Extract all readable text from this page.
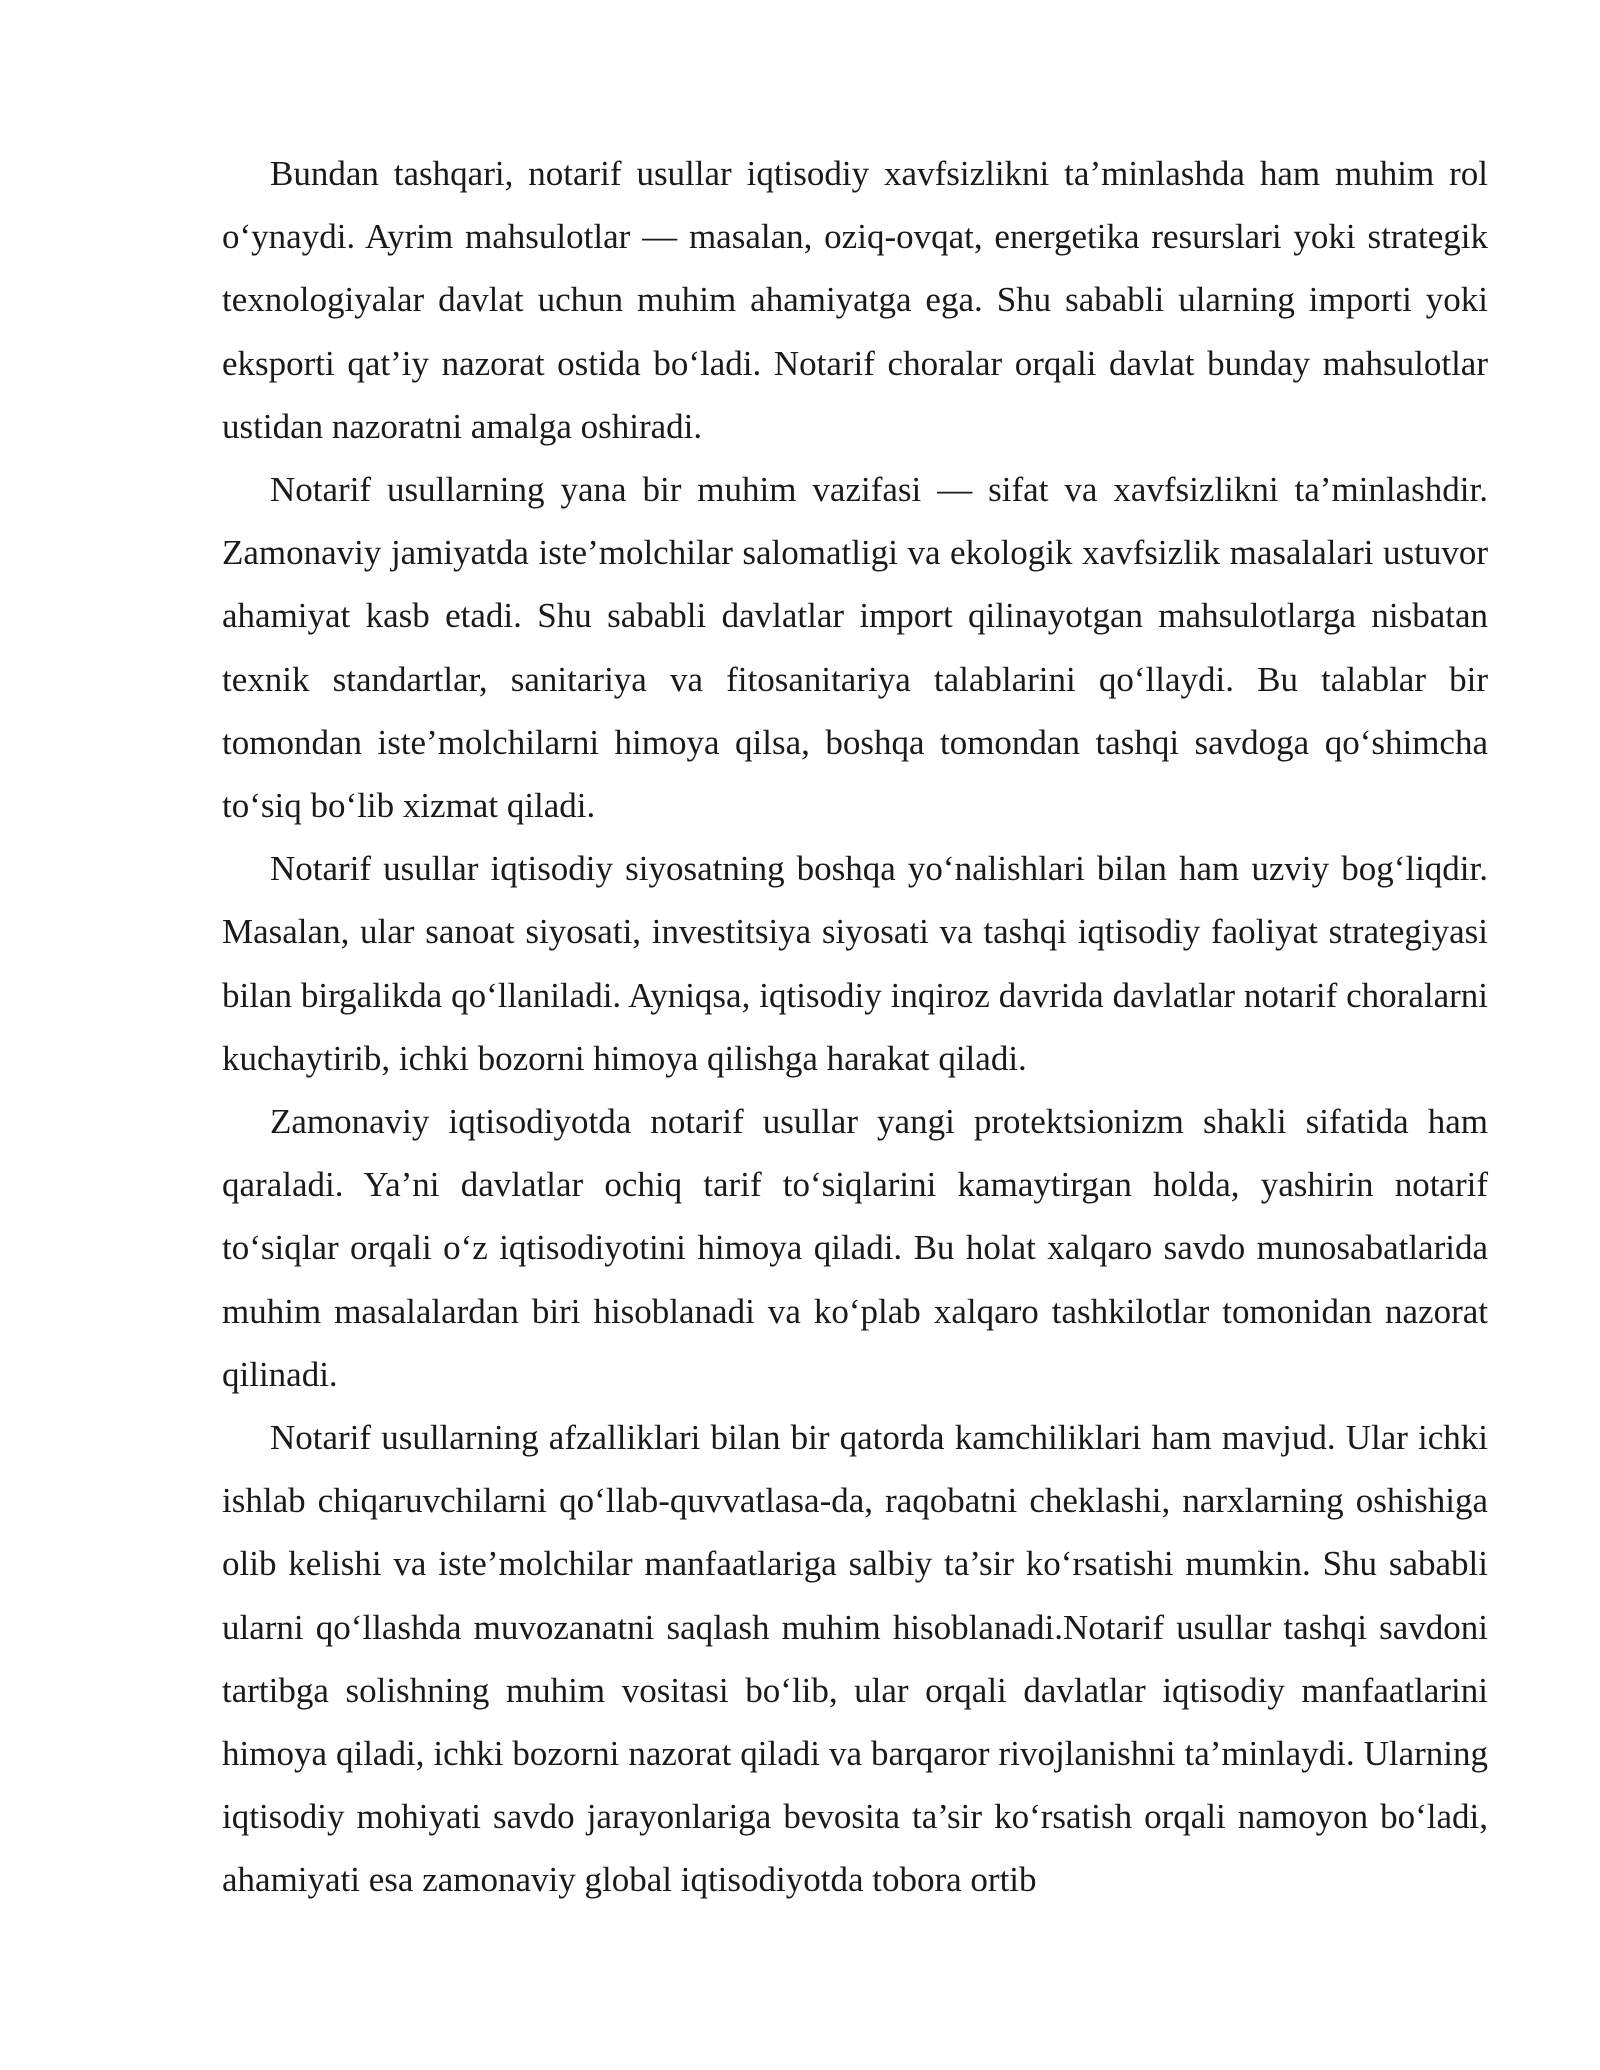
Bundan tashqari, notarif usullar iqtisodiy xavfsizlikni ta’minlashda ham muhim rol o‘ynaydi. Ayrim mahsulotlar — masalan, oziq-ovqat, energetika resurslari yoki strategik texnologiyalar davlat uchun muhim ahamiyatga ega. Shu sababli ularning importi yoki eksporti qat’iy nazorat ostida bo‘ladi. Notarif choralar orqali davlat bunday mahsulotlar ustidan nazoratni amalga oshiradi.

Notarif usullarning yana bir muhim vazifasi — sifat va xavfsizlikni ta’minlashdir. Zamonaviy jamiyatda iste’molchilar salomatligi va ekologik xavfsizlik masalalari ustuvor ahamiyat kasb etadi. Shu sababli davlatlar import qilinayotgan mahsulotlarga nisbatan texnik standartlar, sanitariya va fitosanitariya talablarini qo‘llaydi. Bu talablar bir tomondan iste’molchilarni himoya qilsa, boshqa tomondan tashqi savdoga qo‘shimcha to‘siq bo‘lib xizmat qiladi.

Notarif usullar iqtisodiy siyosatning boshqa yo‘nalishlari bilan ham uzviy bog‘liqdir. Masalan, ular sanoat siyosati, investitsiya siyosati va tashqi iqtisodiy faoliyat strategiyasi bilan birgalikda qo‘llaniladi. Ayniqsa, iqtisodiy inqiroz davrida davlatlar notarif choralarni kuchaytirib, ichki bozorni himoya qilishga harakat qiladi.

Zamonaviy iqtisodiyotda notarif usullar yangi protektsionizm shakli sifatida ham qaraladi. Ya’ni davlatlar ochiq tarif to‘siqlarini kamaytirgan holda, yashirin notarif to‘siqlar orqali o‘z iqtisodiyotini himoya qiladi. Bu holat xalqaro savdo munosabatlarida muhim masalalardan biri hisoblanadi va ko‘plab xalqaro tashkilotlar tomonidan nazorat qilinadi.

Notarif usullarning afzalliklari bilan bir qatorda kamchiliklari ham mavjud. Ular ichki ishlab chiqaruvchilarni qo‘llab-quvvatlasa-da, raqobatni cheklashi, narxlarning oshishiga olib kelishi va iste’molchilar manfaatlariga salbiy ta’sir ko‘rsatishi mumkin. Shu sababli ularni qo‘llashda muvozanatni saqlash muhim hisoblanadi.Notarif usullar tashqi savdoni tartibga solishning muhim vositasi bo‘lib, ular orqali davlatlar iqtisodiy manfaatlarini himoya qiladi, ichki bozorni nazorat qiladi va barqaror rivojlanishni ta’minlaydi. Ularning iqtisodiy mohiyati savdo jarayonlariga bevosita ta’sir ko‘rsatish orqali namoyon bo‘ladi, ahamiyati esa zamonaviy global iqtisodiyotda tobora ortib
